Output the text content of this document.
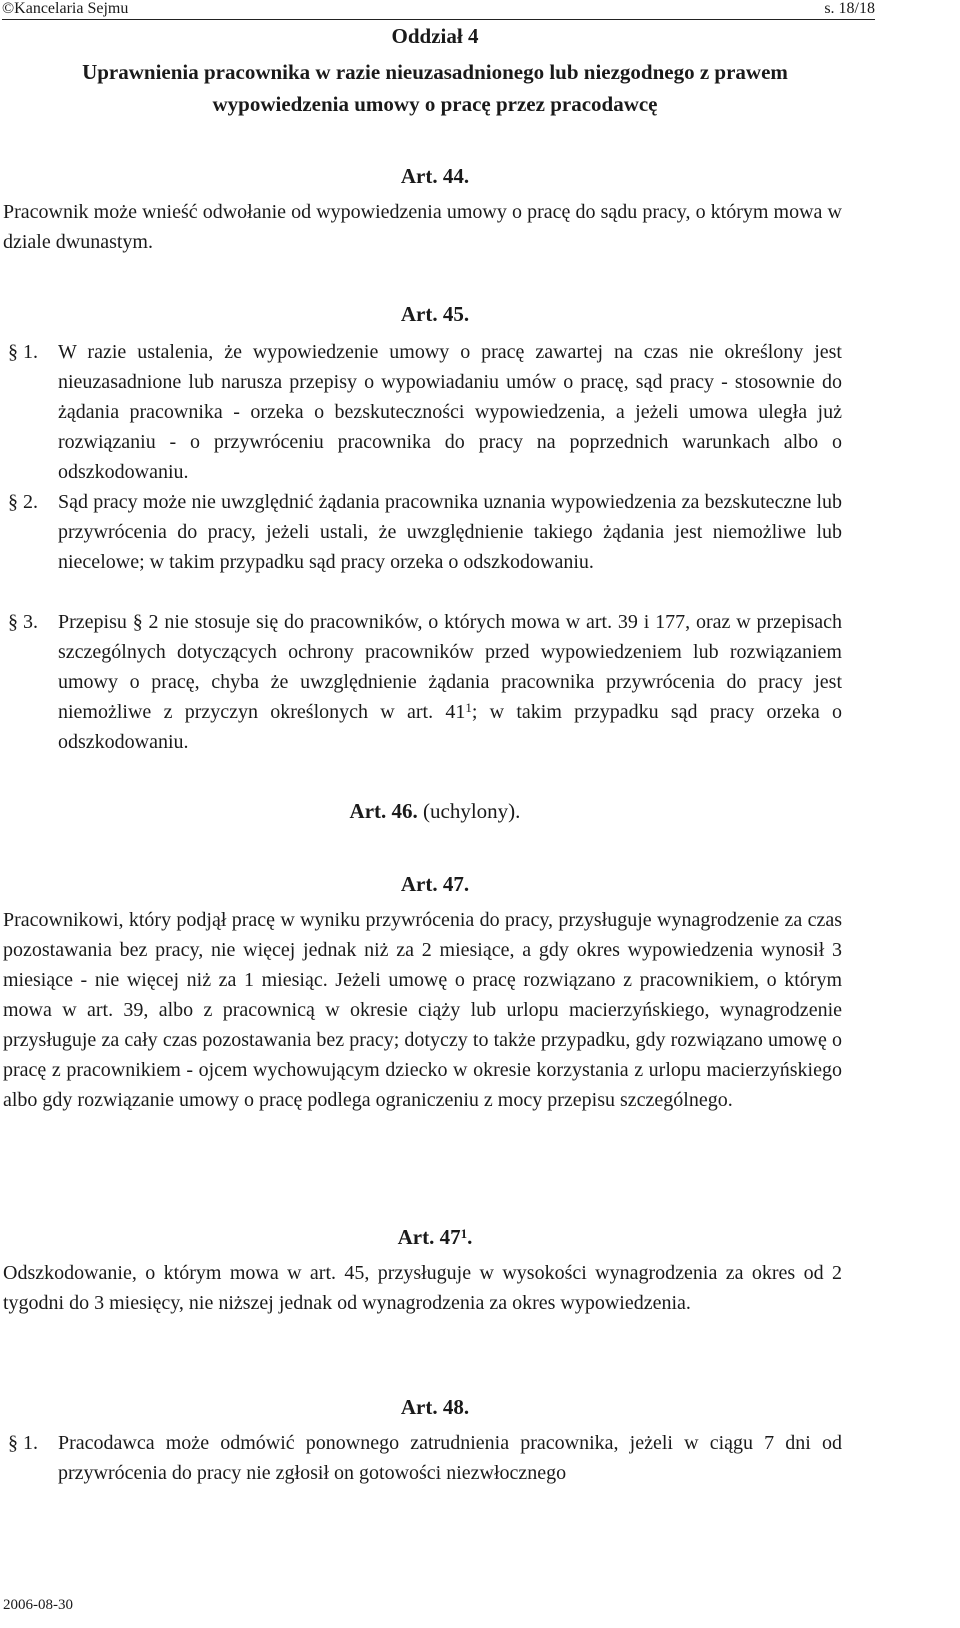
©Kancelaria Sejmu	s. 18/18
Oddział 4
Uprawnienia pracownika w razie nieuzasadnionego lub niezgodnego z prawem
wypowiedzenia umowy o pracę przez pracodawcę
Art. 44.
Pracownik może wnieść odwołanie od wypowiedzenia umowy o pracę do sądu pracy, o którym mowa w dziale dwunastym.
Art. 45.
§ 1. W razie ustalenia, że wypowiedzenie umowy o pracę zawartej na czas nie określony jest nieuzasadnione lub narusza przepisy o wypowiadaniu umów o pracę, sąd pracy - stosownie do żądania pracownika - orzeka o bezskuteczności wypowiedzenia, a jeżeli umowa uległa już rozwiązaniu - o przywróceniu pracownika do pracy na poprzednich warunkach albo o odszkodowaniu.
§ 2. Sąd pracy może nie uwzględnić żądania pracownika uznania wypowiedzenia za bezskuteczne lub przywrócenia do pracy, jeżeli ustali, że uwzględnienie takiego żądania jest niemożliwe lub niecelowe; w takim przypadku sąd pracy orzeka o odszkodowaniu.
§ 3. Przepisu § 2 nie stosuje się do pracowników, o których mowa w art. 39 i 177, oraz w przepisach szczególnych dotyczących ochrony pracowników przed wypowiedzeniem lub rozwiązaniem umowy o pracę, chyba że uwzględnienie żądania pracownika przywrócenia do pracy jest niemożliwe z przyczyn określonych w art. $41^1$; w takim przypadku sąd pracy orzeka o odszkodowaniu.
Art. 46. (uchylony).
Art. 47.
Pracownikowi, który podjął pracę w wyniku przywrócenia do pracy, przysługuje wynagrodzenie za czas pozostawania bez pracy, nie więcej jednak niż za 2 miesiące, a gdy okres wypowiedzenia wynosił 3 miesiące - nie więcej niż za 1 miesiąc. Jeżeli umowę o pracę rozwiązano z pracownikiem, o którym mowa w art. 39, albo z pracownicą w okresie ciąży lub urlopu macierzyńskiego, wynagrodzenie przysługuje za cały czas pozostawania bez pracy; dotyczy to także przypadku, gdy rozwiązano umowę o pracę z pracownikiem - ojcem wychowującym dziecko w okresie korzystania z urlopu macierzyńskiego albo gdy rozwiązanie umowy o pracę podlega ograniczeniu z mocy przepisu szczególnego.
Art. $47^1$.
Odszkodowanie, o którym mowa w art. 45, przysługuje w wysokości wynagrodzenia za okres od 2 tygodni do 3 miesięcy, nie niższej jednak od wynagrodzenia za okres wypowiedzenia.
Art. 48.
§ 1. Pracodawca może odmówić ponownego zatrudnienia pracownika, jeżeli w ciągu 7 dni od przywrócenia do pracy nie zgłosił on gotowości niezwłocznego
2006-08-30
